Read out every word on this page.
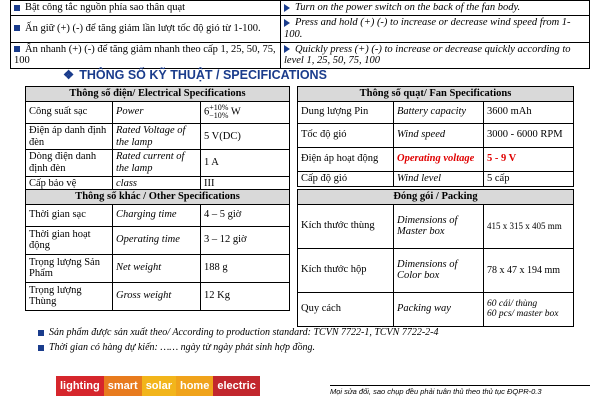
Bật công tắc nguồn phía sao thân quạt	Turn on the power switch on the back of the fan body.
Ấn giữ (+) (-) để tăng giảm lần lượt tốc độ gió từ 1-100.	Press and hold (+) (-) to increase or decrease wind speed from 1-100.
Ấn nhanh (+) (-) để tăng giảm nhanh theo cấp 1, 25, 50, 75, 100	Quickly press (+) (-) to increase or decrease quickly according to level 1, 25, 50, 75, 100
❖ THÔNG SỐ KỸ THUẬT / SPECIFICATIONS
Thông số điện/ Electrical Specifications		
Công suất sạc	Power	6+10%
−10% W
Điện áp danh định đèn	Rated Voltage of the lamp	5 V(DC)
Dòng điện danh định đèn	Rated current of the lamp	1 A
Cấp bảo vệ	class	III
Thông số quạt/ Fan Specifications		
Dung lượng Pin	Battery capacity	3600 mAh
Tốc độ gió	Wind speed	3000 - 6000 RPM
Điện áp hoạt động	Operating voltage	5 - 9 V
Cấp độ gió	Wind level	5 cấp
Thông số khác / Other Specifications		
Thời gian sạc	Charging time	4 – 5 giờ
Thời gian hoạt động	Operating time	3 – 12 giờ
Trọng lượng Sản Phẩm	Net weight	188 g
Trọng lượng Thùng	Gross weight	12 Kg
Đóng gói / Packing		
Kích thước thùng	Dimensions of Master box	415 x 315 x 405 mm
Kích thước hộp	Dimensions of Color box	78 x 47 x 194 mm
Quy cách	Packing way	60 cái/ thùng
60 pcs/ master box
Sản phẩm được sản xuất theo/ According to production standard: TCVN 7722-1, TCVN 7722-2-4
Thời gian có hàng dự kiến: …… ngày từ ngày phát sinh hợp đồng.
lighting smart solar home electric	Mọi sửa đổi, sao chụp đều phải tuân thủ theo thủ tục ĐQPR-0.3
